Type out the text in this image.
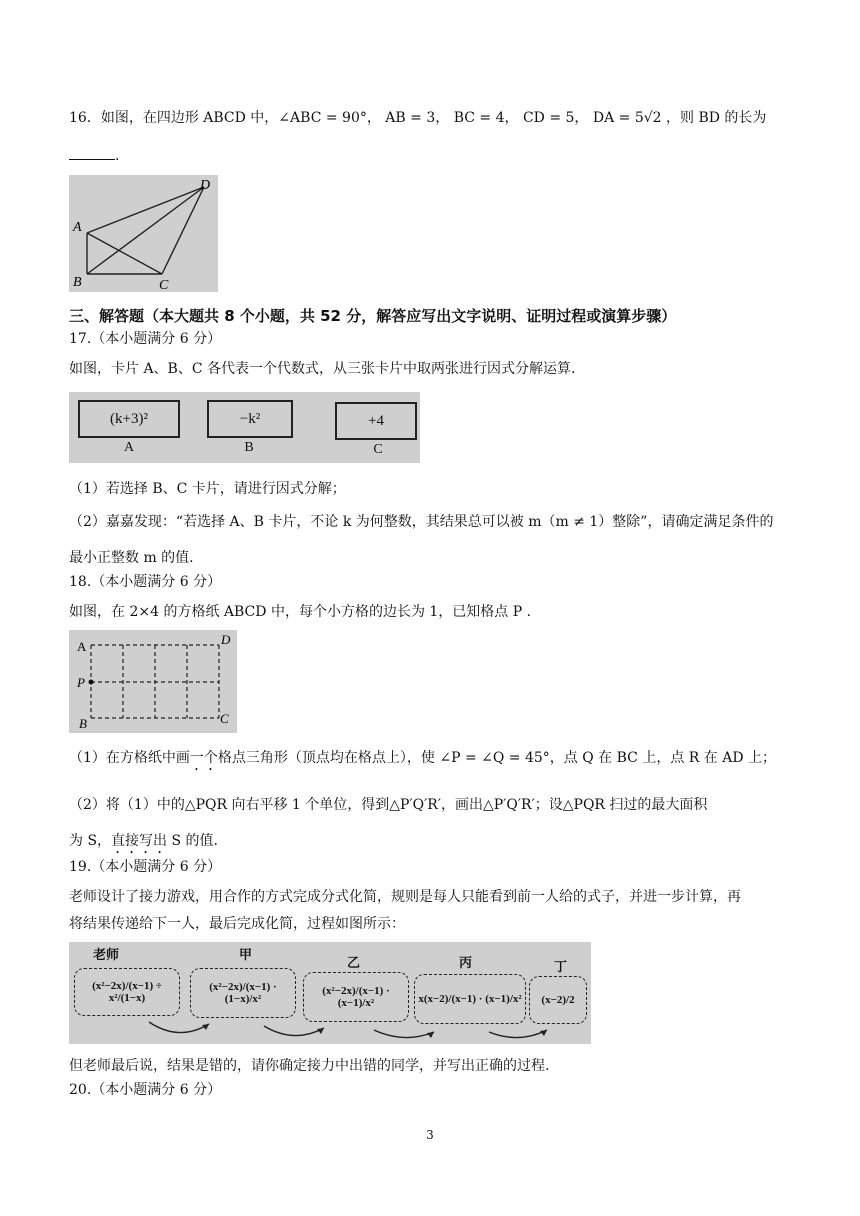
16．如图，在四边形 ABCD 中，∠ABC = 90°， AB = 3， BC = 4， CD = 5， DA = 5√2 ，则 BD 的长为
.
A
B	C
D
三、解答题（本大题共 8 个小题，共 52 分，解答应写出文字说明、证明过程或演算步骤）
17.（本小题满分 6 分）
如图，卡片 A、B、C 各代表一个代数式，从三张卡片中取两张进行因式分解运算.
(k+3)²
A
−k²
B
+4
C
（1）若选择 B、C 卡片，请进行因式分解；
（2）嘉嘉发现：“若选择 A、B 卡片，不论 k 为何整数，其结果总可以被 m（m ≠ 1）整除”，请确定满足条件的
最小正整数 m 的值.
18.（本小题满分 6 分）
如图，在 2×4 的方格纸 ABCD 中，每个小方格的边长为 1，已知格点 P .
A
P
B	C
D
（1）在方格纸中画一个格点三角形（顶点均在格点上），使 ∠P = ∠Q = 45°，点 Q 在 BC 上，点 R 在 AD 上；
（2）将（1）中的△PQR 向右平移 1 个单位，得到△P′Q′R′，画出△P′Q′R′；设△PQR 扫过的最大面积
为 S，直接写出 S 的值.
19.（本小题满分 6 分）
老师设计了接力游戏，用合作的方式完成分式化简，规则是每人只能看到前一人给的式子，并进一步计算，再
将结果传递给下一人，最后完成化简，过程如图所示：
老师	甲
乙	丙	丁
(x²−2x)/(x−1) ÷ x²/(1−x)
(x²−2x)/(x−1) · (1−x)/x²
(x²−2x)/(x−1) · (x−1)/x²	x(x−2)/(x−1) · (x−1)/x²	(x−2)/2
但老师最后说，结果是错的，请你确定接力中出错的同学，并写出正确的过程.
20.（本小题满分 6 分）
3
